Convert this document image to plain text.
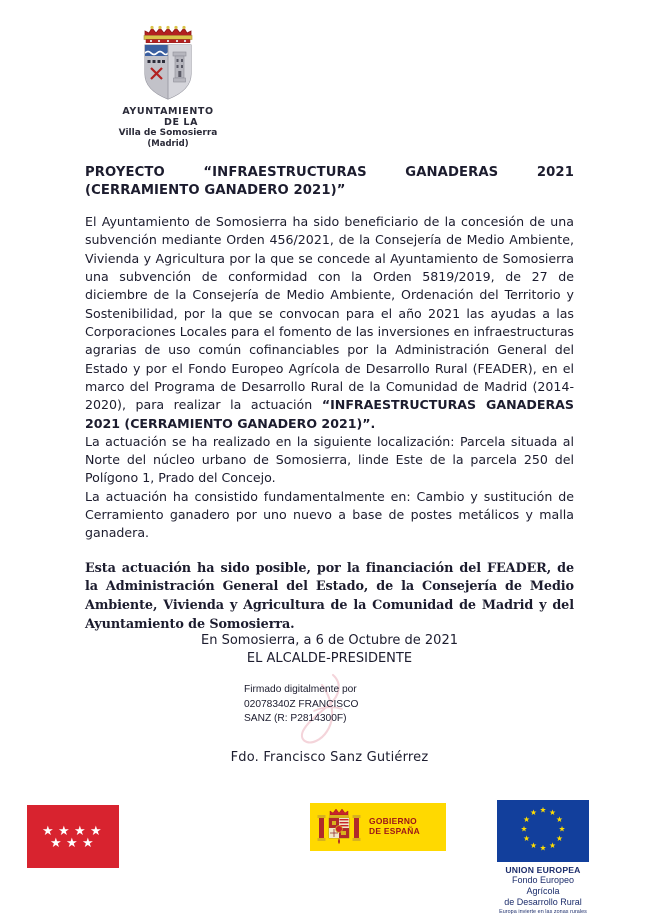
AYUNTAMIENTO
DE LA
Villa de Somosierra
(Madrid)
PROYECTO “INFRAESTRUCTURAS GANADERAS 2021 (CERRAMIENTO GANADERO 2021)”

El Ayuntamiento de Somosierra ha sido beneficiario de la concesión de una subvención mediante Orden 456/2021, de la Consejería de Medio Ambiente, Vivienda y Agricultura por la que se concede al Ayuntamiento de Somosierra una subvención de conformidad con la Orden 5819/2019, de 27 de diciembre de la Consejería de Medio Ambiente, Ordenación del Territorio y Sostenibilidad, por la que se convocan para el año 2021 las ayudas a las Corporaciones Locales para el fomento de las inversiones en infraestructuras agrarias de uso común cofinanciables por la Administración General del Estado y por el Fondo Europeo Agrícola de Desarrollo Rural (FEADER), en el marco del Programa de Desarrollo Rural de la Comunidad de Madrid (2014-2020), para realizar la actuación “INFRAESTRUCTURAS GANADERAS 2021 (CERRAMIENTO GANADERO 2021)”.

La actuación se ha realizado en la siguiente localización: Parcela situada al Norte del núcleo urbano de Somosierra, linde Este de la parcela 250 del Polígono 1, Prado del Concejo.

La actuación ha consistido fundamentalmente en: Cambio y sustitución de Cerramiento ganadero por uno nuevo a base de postes metálicos y malla ganadera.

Esta actuación ha sido posible, por la financiación del FEADER, de la Administración General del Estado, de la Consejería de Medio Ambiente, Vivienda y Agricultura de la Comunidad de Madrid y del Ayuntamiento de Somosierra.

En Somosierra, a 6 de Octubre de 2021
EL ALCALDE-PRESIDENTE
Firmado digitalmente por
02078340Z FRANCISCO
SANZ (R: P2814300F)
Fdo. Francisco Sanz Gutiérrez
★ ★ ★ ★
★ ★ ★
GOBIERNO
DE ESPAÑA
UNION EUROPEA
Fondo Europeo Agrícola
de Desarrollo Rural
Europa invierte en las zonas rurales
